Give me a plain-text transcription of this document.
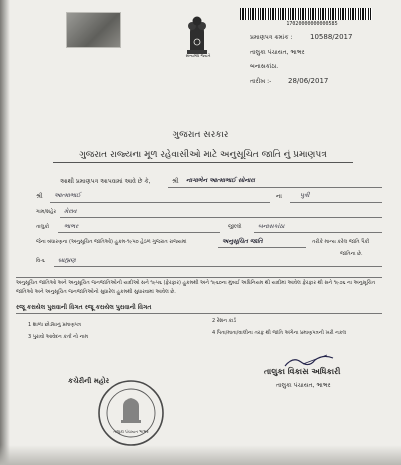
સત્યમેવ જયતે
17020000000000585
પ્રમાણપત્ર ક્રમાંક :	10588/2017
તાલુકા પંચાયત, ભાભર
બનાસકાંઠા.
તારીખ :- 28/06/2017
ગુજરાત સરકાર
ગુજરાત રાજ્યના મૂળ રહેવાસીઓ માટે અનુસૂચિત જાતિ નું પ્રમાણપત્ર
આથી પ્રમાણપત્ર આપવામાં આવે છે કે,	શ્રી નાગાભેન આત્માભાઈ સોનારા
શ્રી આત્માભાઈ	ના	પુત્રી
ગામ/શહેર મેરાવ
તાલુકો ભાભર	જીલ્લો	બનાસકાંઠા
જેના બંધારણના (અનુસૂચિત જાતિઓ) હુકમ-૧૯૫૦ હેઠળ ગુજરાત રાજ્યમાં	અનુસૂચિત જાતિ	તરીકે માન્ય કરેલ જાતિ પૈકી
જાતિના છે.
વિ-૬ બ્રાહ્મણ
અનુસૂચિત જાતિઓ અને અનુસૂચિત જનજાતિઓની યાદીઓ સને ૧૯૫૬ (ફેરફાર) હુકમથી અને ૧૯૬૦ના મુંબઈ અધિનિયમ થી યાદીમાં આવેલ ફેરફાર થી સને ૧૯૭૬ ના અનુસૂચિત જાતિઓ અને અનુસૂચિત જનજાતિઓનો સુધારેલ હુકમથી સુધારવામાં આવેલ છે.
રજૂ કરાયેલ પુરાવાની વિગત રજૂ કરાયેલ પુરાવાની વિગત
1 શાળા છોડ્યાનું પ્રમાણપત્ર
2 રેશન કાર્ડ
3 પુરાવો આવેદન કર્તા નો નામ
4 પિતા/માતા/વાલીના તરફ થી જાતિ અંગેના પ્રમાણપત્રની ખરી નકલ
તાલુકા વિકાસ અધિકારી
તાલુકા પંચાયત, ભાભર
કચેરીની મહોર
તાલુકા પંચાયત ભાભર
